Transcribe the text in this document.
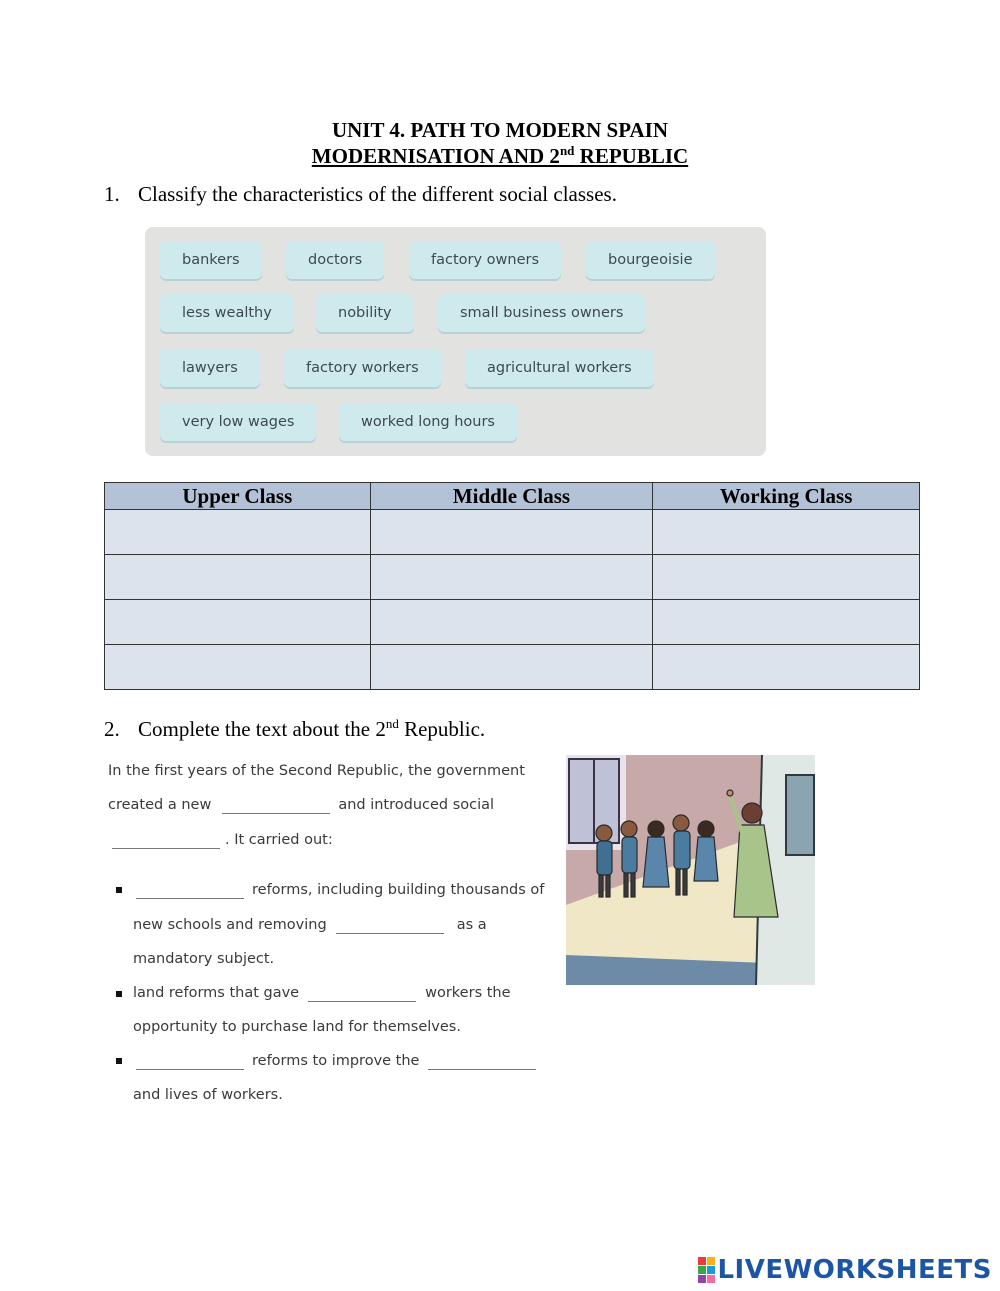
UNIT 4. PATH TO MODERN SPAIN
MODERNISATION AND 2nd REPUBLIC
1. Classify the characteristics of the different social classes.
bankers	doctors	factory owners	bourgeoisie
less wealthy	nobility	small business owners
lawyers	factory workers	agricultural workers
very low wages	worked long hours
Upper Class	Middle Class	Working Class

2. Complete the text about the 2nd Republic.
In the first years of the Second Republic, the government
created a new	and introduced social
. It carried out:
reforms, including building thousands of
new schools and removing	as a
mandatory subject.
land reforms that gave	workers the
opportunity to purchase land for themselves.
reforms to improve the
and lives of workers.
LIVEWORKSHEETS
